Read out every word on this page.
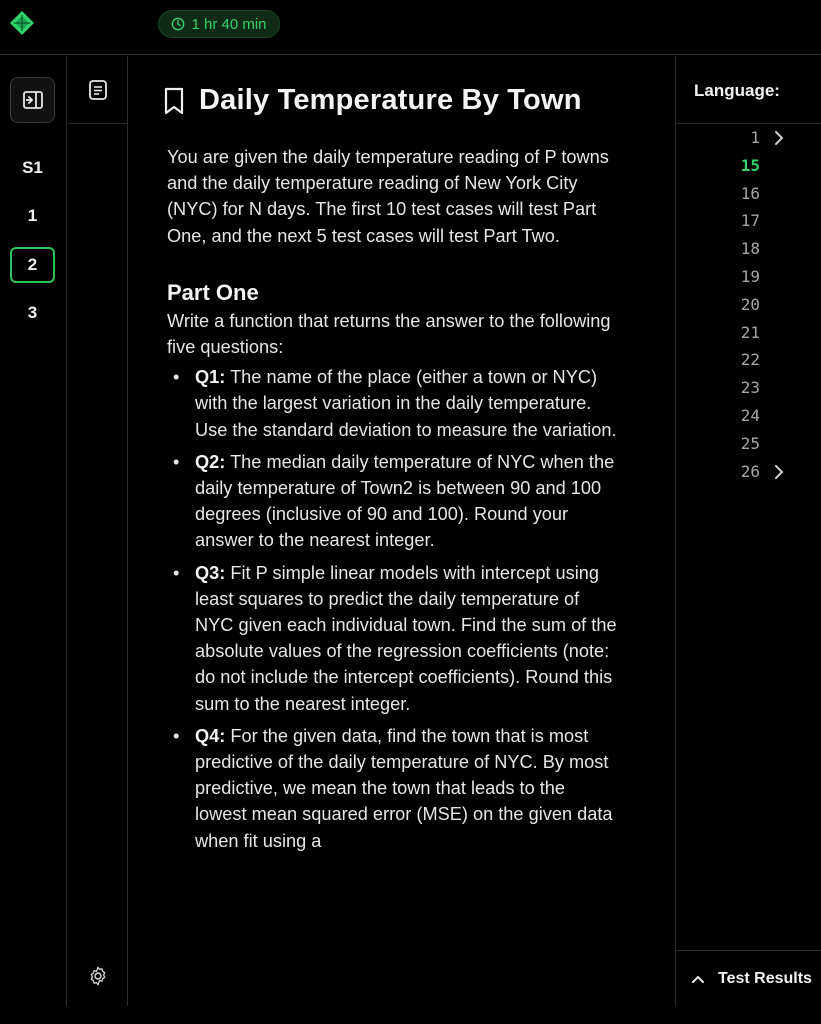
1 hr 40 min
S1
1
2
3
Daily Temperature By Town

You are given the daily temperature reading of P towns and the daily temperature reading of New York City (NYC) for N days. The first 10 test cases will test Part One, and the next 5 test cases will test Part Two.

Part One

Write a function that returns the answer to the following five questions:

• Q1: The name of the place (either a town or NYC) with the largest variation in the daily temperature. Use the standard deviation to measure the variation.
• Q2: The median daily temperature of NYC when the daily temperature of Town2 is between 90 and 100 degrees (inclusive of 90 and 100). Round your answer to the nearest integer.
• Q3: Fit P simple linear models with intercept using least squares to predict the daily temperature of NYC given each individual town. Find the sum of the absolute values of the regression coefficients (note: do not include the intercept coefficients). Round this sum to the nearest integer.
• Q4: For the given data, find the town that is most predictive of the daily temperature of NYC. By most predictive, we mean the town that leads to the lowest mean squared error (MSE) on the given data when fit using a
Language:
1
15
16
17
18
19
20
21
22
23
24
25
26
Test Results
